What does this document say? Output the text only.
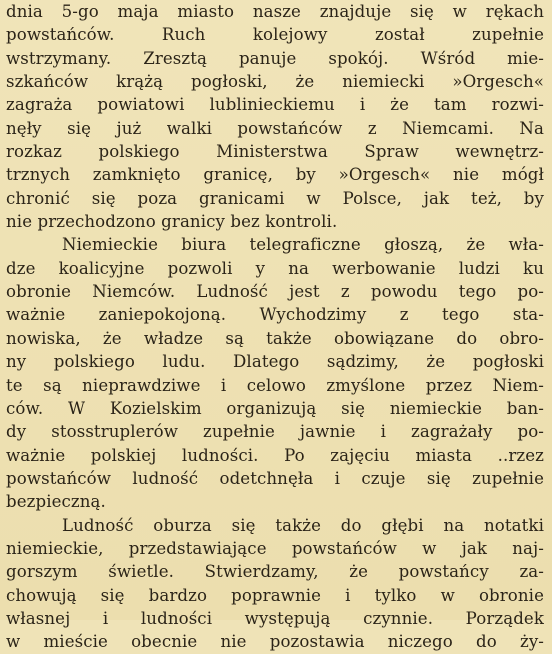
dnia 5-go maja miasto nasze znajduje się w rękach
powstańców. Ruch kolejowy został zupełnie
wstrzymany. Zresztą panuje spokój. Wśród mie-
szkańców krążą pogłoski, że niemiecki »Orgesch«
zagraża powiatowi lublinieckiemu i że tam rozwi-
nęły się już walki powstańców z Niemcami. Na
rozkaz polskiego Ministerstwa Spraw wewnętrz-
trznych zamknięto granicę, by »Orgesch« nie mógł
chronić się poza granicami w Polsce, jak też, by
nie przechodzono granicy bez kontroli.
Niemieckie biura telegraficzne głoszą, że wła-
dze koalicyjne pozwoli y na werbowanie ludzi ku
obronie Niemców. Ludność jest z powodu tego po-
ważnie zaniepokojoną. Wychodzimy z tego sta-
nowiska, że władze są także obowiązane do obro-
ny polskiego ludu. Dlatego sądzimy, że pogłoski
te są nieprawdziwe i celowo zmyślone przez Niem-
ców. W Kozielskim organizują się niemieckie ban-
dy stosstruplerów zupełnie jawnie i zagrażały po-
ważnie polskiej ludności. Po zajęciu miasta ..rzez
powstańców ludność odetchnęła i czuje się zupełnie
bezpieczną.
Ludność oburza się także do głębi na notatki
niemieckie, przedstawiające powstańców w jak naj-
gorszym świetle. Stwierdzamy, że powstańcy za-
chowują się bardzo poprawnie i tylko w obronie
własnej i ludności występują czynnie. Porządek
w mieście obecnie nie pozostawia niczego do ży-
